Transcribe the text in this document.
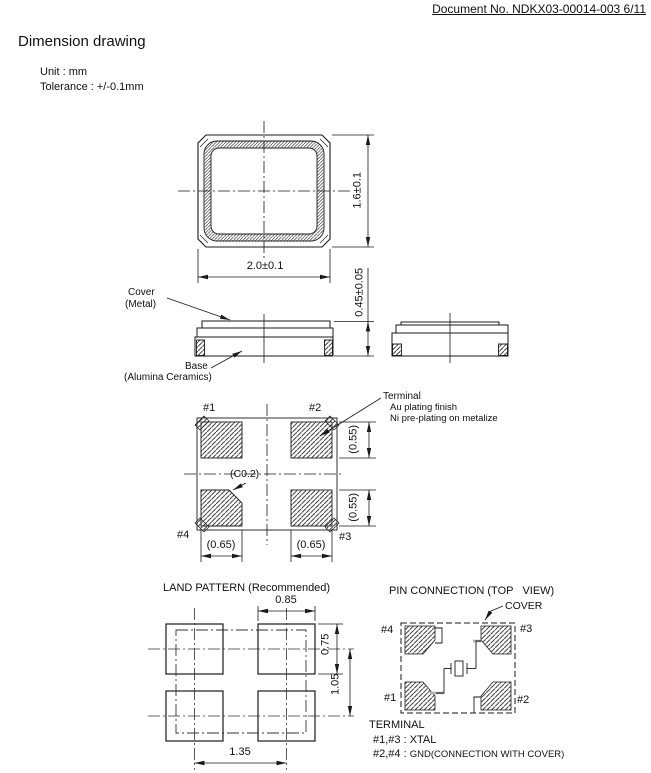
Document No. NDKX03-00014-003 6/11
Dimension drawing
Unit : mm
Tolerance : +/-0.1mm
2.0±0.1
1.6±0.1
0.45±0.05
Cover
(Metal)
Base
(Alumina Ceramics)
#1	#2
#4	#3
(0.55)
(0.55)
(0.65)	(0.65)
(C0.2)
Terminal
Au plating finish
Ni pre-plating on metalize
LAND PATTERN (Recommended)
0.85
0.75
1.05
1.35
PIN CONNECTION (TOP   VIEW)
COVER
#4	#3
#1	#2
TERMINAL
#1,#3 : XTAL
#2,#4 : GND(CONNECTION WITH COVER)
